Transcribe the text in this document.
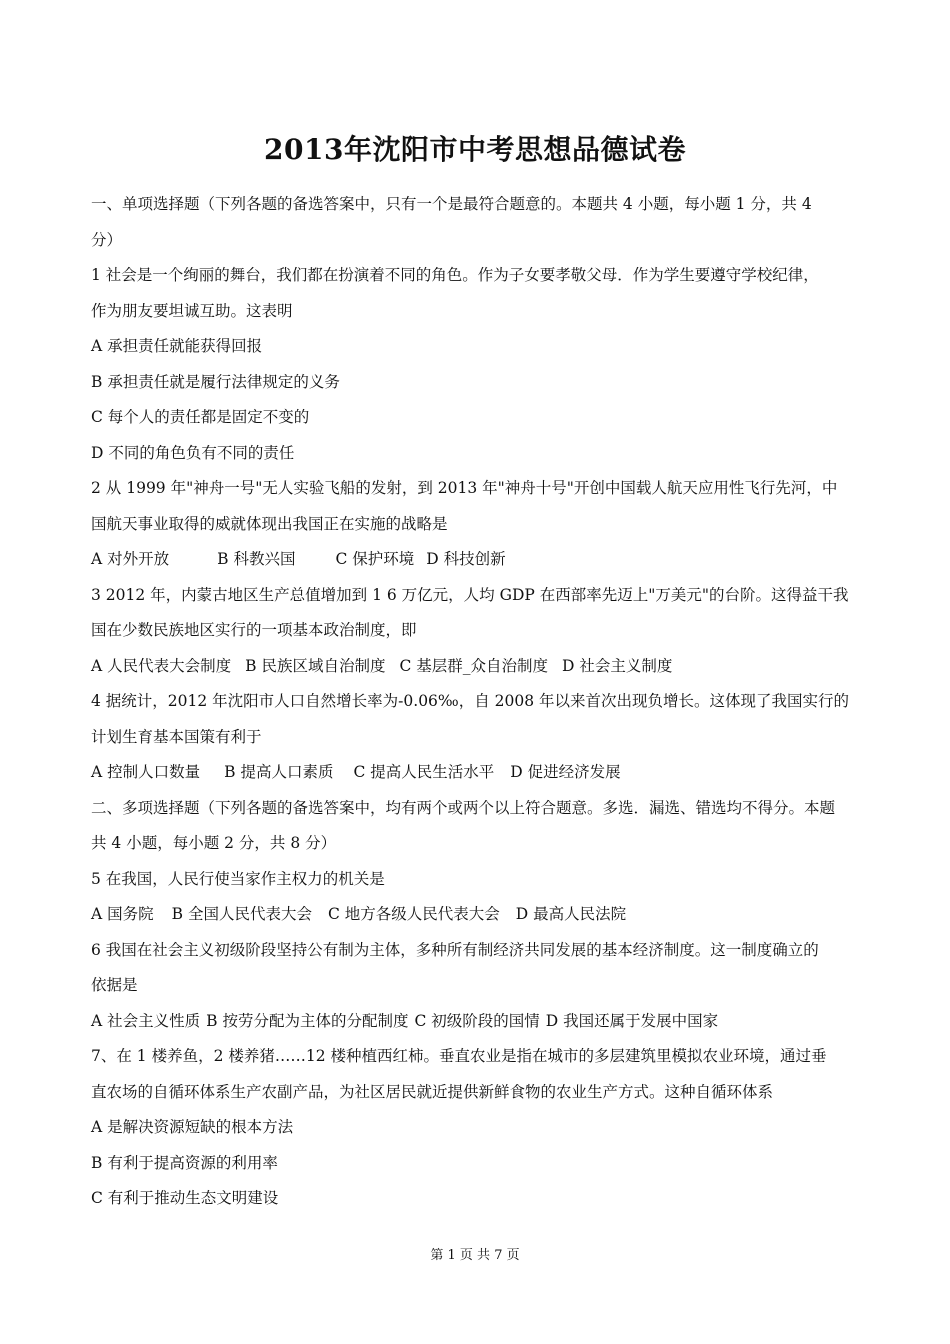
2013年沈阳市中考思想品德试卷
一、单项选择题（下列各题的备选答案中，只有一个是最符合题意的。本题共 4 小题，每小题 1 分，共 4
分）
1 社会是一个绚丽的舞台，我们都在扮演着不同的角色。作为子女要孝敬父母．作为学生要遵守学校纪律，
作为朋友要坦诚互助。这表明
A 承担责任就能获得回报
B 承担责任就是履行法律规定的义务
C 每个人的责任都是固定不变的
D 不同的角色负有不同的责任
2 从 1999 年"神舟一号"无人实验飞船的发射，到 2013 年"神舟十号"开创中国载人航天应用性飞行先河，中
国航天事业取得的威就体现出我国正在实施的战略是
A 对外开放	B 科教兴国	C 保护环境 D 科技创新
3 2012 年，内蒙古地区生产总值增加到 1 6 万亿元，人均 GDP 在西部率先迈上"万美元"的台阶。这得益干我
国在少数民族地区实行的一项基本政治制度，即
A 人民代表大会制度 B 民族区域自治制度 C 基层群_众自治制度 D 社会主义制度
4 据统计，2012 年沈阳市人口自然增长率为-0.06‰，自 2008 年以来首次出现负增长。这体现了我国实行的
计划生育基本国策有利于
A 控制人口数量 B 提高人口素质 C 提高人民生活水平 D 促进经济发展
二、多项选择题（下列各题的备选答案中，均有两个或两个以上符合题意。多选．漏选、错选均不得分。本题
共 4 小题，每小题 2 分，共 8 分）
5 在我国，人民行使当家作主权力的机关是
A 国务院 B 全国人民代表大会 C 地方各级人民代表大会 D 最高人民法院
6 我国在社会主义初级阶段坚持公有制为主体，多种所有制经济共同发展的基本经济制度。这一制度确立的
依据是
A 社会主义性质 B 按劳分配为主体的分配制度 C 初级阶段的国情 D 我国还属于发展中国家
7、在 1 楼养鱼，2 楼养猪……12 楼种植西红柿。垂直农业是指在城市的多层建筑里模拟农业环境，通过垂
直农场的自循环体系生产农副产品，为社区居民就近提供新鲜食物的农业生产方式。这种自循环体系
A 是解决资源短缺的根本方法
B 有利于提高资源的利用率
C 有利于推动生态文明建设
第 1 页 共 7 页
